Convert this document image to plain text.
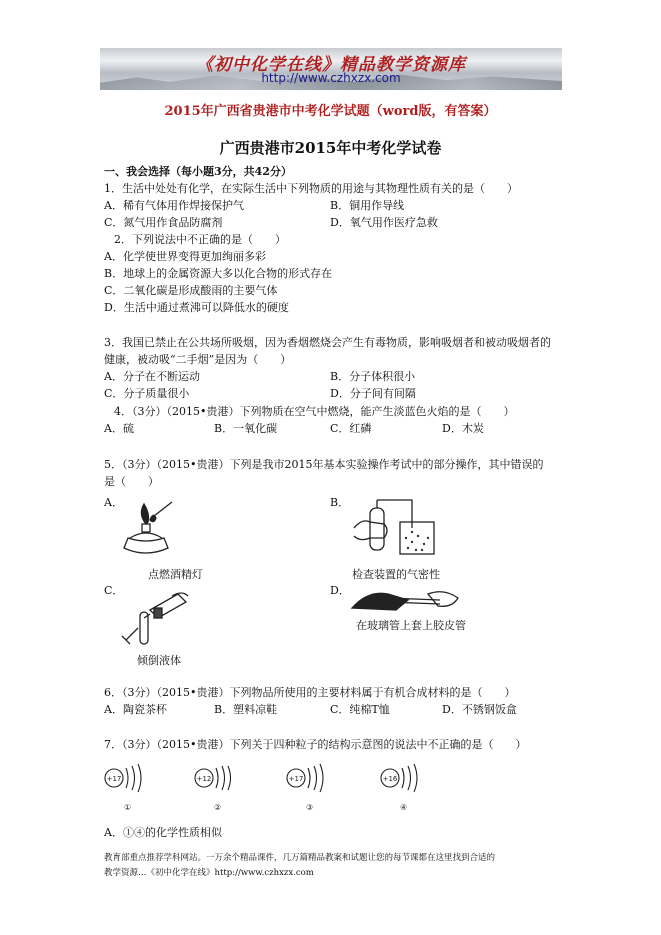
《初中化学在线》精品教学资源库
http://www.czhxzx.com
2015年广西省贵港市中考化学试题（word版，有答案）
广西贵港市2015年中考化学试卷
一、我会选择（每小题3分，共42分）
1．生活中处处有化学，在实际生活中下列物质的用途与其物理性质有关的是（　　）
A．稀有气体用作焊接保护气	B．铜用作导线
C．氮气用作食品防腐剂	D．氧气用作医疗急救
2．下列说法中不正确的是（　　）
A．化学使世界变得更加绚丽多彩
B．地球上的金属资源大多以化合物的形式存在
C．二氧化碳是形成酸雨的主要气体
D．生活中通过煮沸可以降低水的硬度
3．我国已禁止在公共场所吸烟，因为香烟燃烧会产生有毒物质，影响吸烟者和被动吸烟者的
健康，被动吸“二手烟”是因为（　　）
A．分子在不断运动	B．分子体积很小
C．分子质量很小	D．分子间有间隔
4．（3分）（2015•贵港）下列物质在空气中燃烧，能产生淡蓝色火焰的是（　　）
A．硫	B．一氧化碳	C．红磷	D．木炭
5．（3分）（2015•贵港）下列是我市2015年基本实验操作考试中的部分操作，其中错误的
是（　　）
A．
点燃酒精灯
B．
检查装置的气密性
C．
倾倒液体
D．
在玻璃管上套上胶皮管
6．（3分）（2015•贵港）下列物品所使用的主要材料属于有机合成材料的是（　　）
A．陶瓷茶杯	B．塑料凉鞋	C．纯棉T恤	D．不锈钢饭盒
7．（3分）（2015•贵港）下列关于四种粒子的结构示意图的说法中不正确的是（　　）
+17
①
+12
②
+17
③
+16
④
A．①④的化学性质相似
教育部重点推荐学科网站。一万余个精品课件，几万篇精品教案和试题让您的每节课都在这里找到合适的
教学资源…《初中化学在线》http://www.czhxzx.com
